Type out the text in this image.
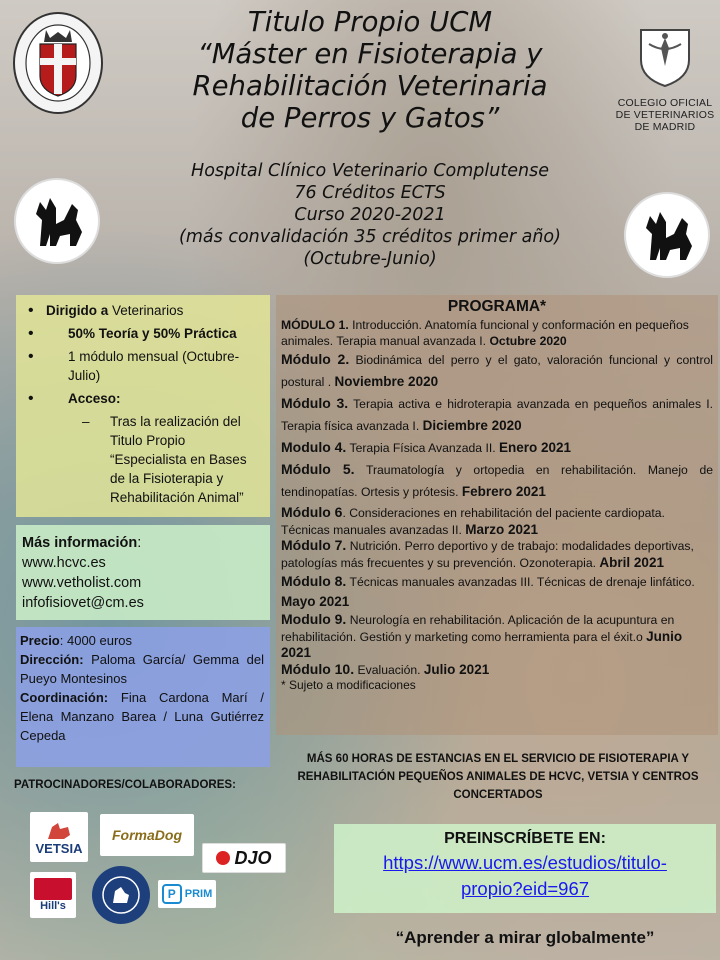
Titulo Propio UCM
“Máster en Fisioterapia y
Rehabilitación Veterinaria
de Perros y Gatos”	COLEGIO OFICIAL
DE VETERINARIOS
DE MADRID
Hospital Clínico Veterinario Complutense
76 Créditos ECTS
Curso 2020-2021
(más convalidación 35 créditos primer año)
(Octubre-Junio)
• Dirigido a Veterinarios
• 50% Teoría y 50% Práctica
• 1 módulo mensual (Octubre-Julio)
• Acceso:
– Tras la realización del Titulo Propio “Especialista en Bases de la Fisioterapia y Rehabilitación Animal”
Más información:
www.hcvc.es
www.vetholist.com
infofisiovet@cm.es
Precio: 4000 euros
Dirección: Paloma García/ Gemma del Pueyo Montesinos
Coordinación: Fina Cardona Marí / Elena Manzano Barea / Luna Gutiérrez Cepeda
PATROCINADORES/COLABORADORES:
VETSIA
FormaDog
DJO
Hill's
P PRIM
PROGRAMA*

MÓDULO 1. Introducción. Anatomía funcional y conformación en pequeños animales. Terapia manual avanzada I. Octubre 2020

Módulo 2. Biodinámica del perro y el gato, valoración funcional y control postural . Noviembre 2020

Módulo 3. Terapia activa e hidroterapia avanzada en pequeños animales I. Terapia física avanzada I. Diciembre 2020

Modulo 4. Terapia Física Avanzada II. Enero 2021

Módulo 5. Traumatología y ortopedia en rehabilitación. Manejo de tendinopatías. Ortesis y prótesis. Febrero 2021

Módulo 6. Consideraciones en rehabilitación del paciente cardiopata. Técnicas manuales avanzadas II. Marzo 2021

Módulo 7. Nutrición. Perro deportivo y de trabajo: modalidades deportivas, patologías más frecuentes y su prevención. Ozonoterapia. Abril 2021

Módulo 8. Técnicas manuales avanzadas III. Técnicas de drenaje linfático. Mayo 2021

Modulo 9. Neurología en rehabilitación. Aplicación de la acupuntura en rehabilitación. Gestión y marketing como herramienta para el éxit.o Junio 2021

Módulo 10. Evaluación. Julio 2021

* Sujeto a modificaciones

MÁS 60 HORAS DE ESTANCIAS EN EL SERVICIO DE FISIOTERAPIA Y REHABILITACIÓN PEQUEÑOS ANIMALES DE HCVC, VETSIA Y CENTROS CONCERTADOS
PREINSCRÍBETE EN:
https://www.ucm.es/estudios/titulo-
propio?eid=967
“Aprender a mirar globalmente”
